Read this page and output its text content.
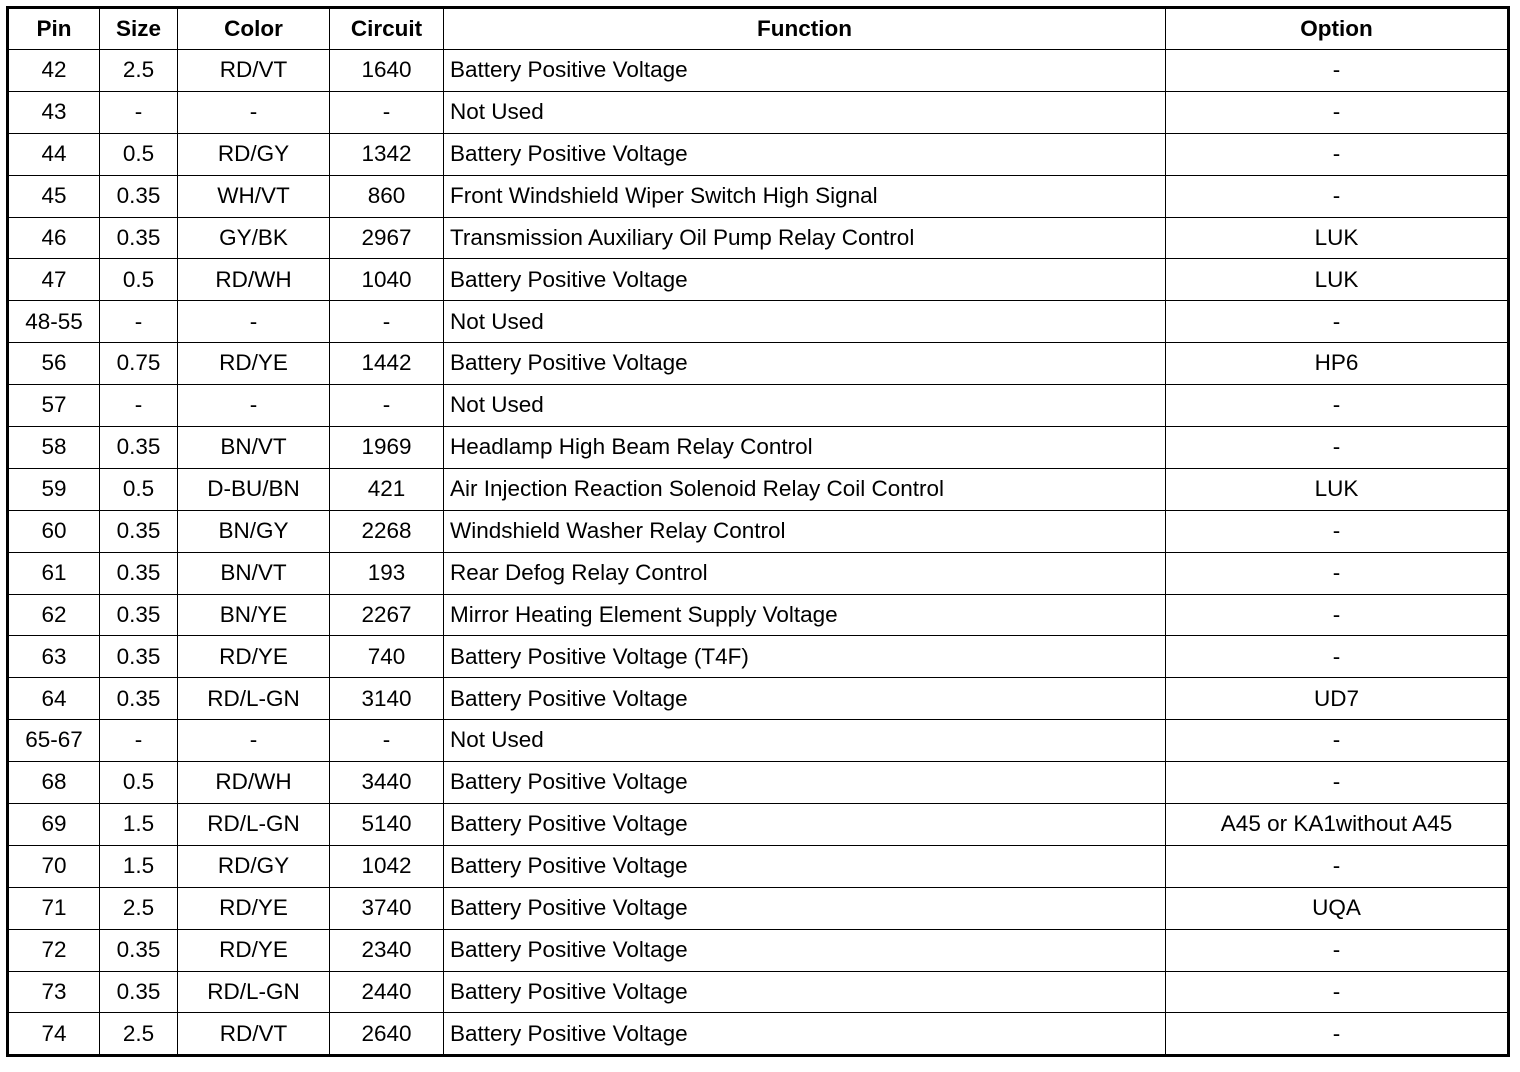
Pin	Size	Color	Circuit	Function	Option
42	2.5	RD/VT	1640	Battery Positive Voltage	-
43	-	-	-	Not Used	-
44	0.5	RD/GY	1342	Battery Positive Voltage	-
45	0.35	WH/VT	860	Front Windshield Wiper Switch High Signal	-
46	0.35	GY/BK	2967	Transmission Auxiliary Oil Pump Relay Control	LUK
47	0.5	RD/WH	1040	Battery Positive Voltage	LUK
48-55	-	-	-	Not Used	-
56	0.75	RD/YE	1442	Battery Positive Voltage	HP6
57	-	-	-	Not Used	-
58	0.35	BN/VT	1969	Headlamp High Beam Relay Control	-
59	0.5	D-BU/BN	421	Air Injection Reaction Solenoid Relay Coil Control	LUK
60	0.35	BN/GY	2268	Windshield Washer Relay Control	-
61	0.35	BN/VT	193	Rear Defog Relay Control	-
62	0.35	BN/YE	2267	Mirror Heating Element Supply Voltage	-
63	0.35	RD/YE	740	Battery Positive Voltage (T4F)	-
64	0.35	RD/L-GN	3140	Battery Positive Voltage	UD7
65-67	-	-	-	Not Used	-
68	0.5	RD/WH	3440	Battery Positive Voltage	-
69	1.5	RD/L-GN	5140	Battery Positive Voltage	A45 or KA1without A45
70	1.5	RD/GY	1042	Battery Positive Voltage	-
71	2.5	RD/YE	3740	Battery Positive Voltage	UQA
72	0.35	RD/YE	2340	Battery Positive Voltage	-
73	0.35	RD/L-GN	2440	Battery Positive Voltage	-
74	2.5	RD/VT	2640	Battery Positive Voltage	-
